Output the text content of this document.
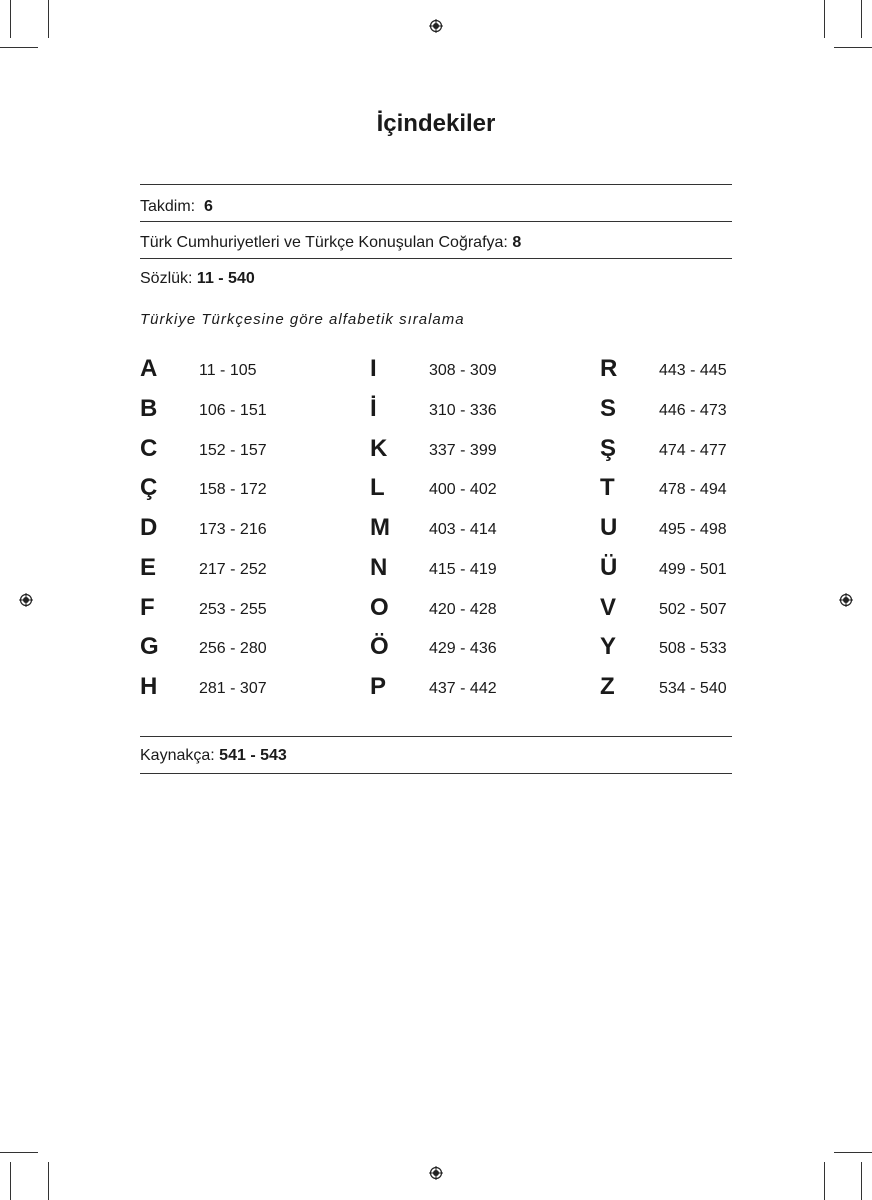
İçindekiler
Takdim: 6
Türk Cumhuriyetleri ve Türkçe Konuşulan Coğrafya: 8
Sözlük: 11 - 540
Türkiye Türkçesine göre alfabetik sıralama
A	11 - 105
B	106 - 151
C	152 - 157
Ç	158 - 172
D	173 - 216
E	217 - 252
F	253 - 255
G	256 - 280
H	281 - 307
I	308 - 309
İ	310 - 336
K	337 - 399
L	400 - 402
M 403 - 414
N	415 - 419
O	420 - 428
Ö	429 - 436
P	437 - 442
R	443 - 445
S	446 - 473
Ş	474 - 477
T	478 - 494
U	495 - 498
Ü	499 - 501
V	502 - 507
Y	508 - 533
Z	534 - 540
Kaynakça: 541 - 543
